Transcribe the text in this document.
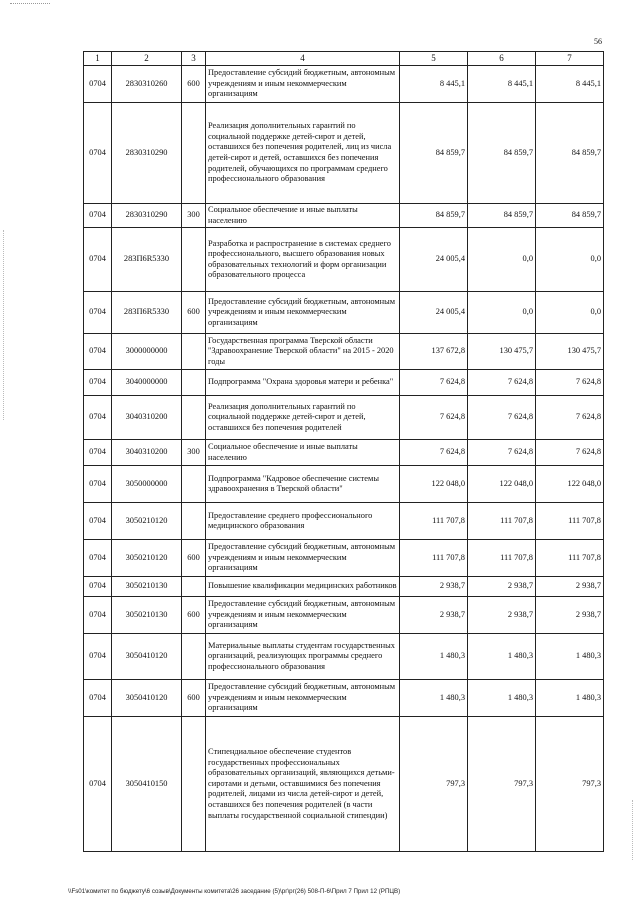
56
1	2	3	4	5	6	7
0704	2830310260	600	Предоставление субсидий бюджетным, автономным учреждениям и иным некоммерческим организациям	8 445,1	8 445,1	8 445,1
0704	2830310290		Реализация дополнительных гарантий по социальной поддержке детей-сирот и детей, оставшихся без попечения родителей, лиц из числа детей-сирот и детей, оставшихся без попечения родителей, обучающихся по программам среднего профессионального образования	84 859,7	84 859,7	84 859,7
0704	2830310290	300	Социальное обеспечение и иные выплаты населению	84 859,7	84 859,7	84 859,7
0704	283П6R5330		Разработка и распространение в системах среднего профессионального, высшего образования новых образовательных технологий и форм организации образовательного процесса	24 005,4	0,0	0,0
0704	283П6R5330	600	Предоставление субсидий бюджетным, автономным учреждениям и иным некоммерческим организациям	24 005,4	0,0	0,0
0704	3000000000		Государственная программа Тверской области "Здравоохранение Тверской области" на 2015 - 2020 годы	137 672,8	130 475,7	130 475,7
0704	3040000000		Подпрограмма "Охрана здоровья матери и ребенка"	7 624,8	7 624,8	7 624,8
0704	3040310200		Реализация дополнительных гарантий по социальной поддержке детей-сирот и детей, оставшихся без попечения родителей	7 624,8	7 624,8	7 624,8
0704	3040310200	300	Социальное обеспечение и иные выплаты населению	7 624,8	7 624,8	7 624,8
0704	3050000000		Подпрограмма "Кадровое обеспечение системы здравоохранения в Тверской области"	122 048,0	122 048,0	122 048,0
0704	3050210120		Предоставление среднего профессионального медицинского образования	111 707,8	111 707,8	111 707,8
0704	3050210120	600	Предоставление субсидий бюджетным, автономным учреждениям и иным некоммерческим организациям	111 707,8	111 707,8	111 707,8
0704	3050210130		Повышение квалификации медицинских работников	2 938,7	2 938,7	2 938,7
0704	3050210130	600	Предоставление субсидий бюджетным, автономным учреждениям и иным некоммерческим организациям	2 938,7	2 938,7	2 938,7
0704	3050410120		Материальные выплаты студентам государственных организаций, реализующих программы среднего профессионального образования	1 480,3	1 480,3	1 480,3
0704	3050410120	600	Предоставление субсидий бюджетным, автономным учреждениям и иным некоммерческим организациям	1 480,3	1 480,3	1 480,3
0704	3050410150		Стипендиальное обеспечение студентов государственных профессиональных образовательных организаций, являющихся детьми-сиротами и детьми, оставшимися без попечения родителей, лицами из числа детей-сирот и детей, оставшихся без попечения родителей (в части выплаты государственной социальной стипендии)	797,3	797,3	797,3
\\Fs01\комитет по бюджету\6 созыв\Документы комитета\26 заседание (5)\рг\рг(26) 508-П-6\Прил 7 Прил 12 (РПЦВ)
